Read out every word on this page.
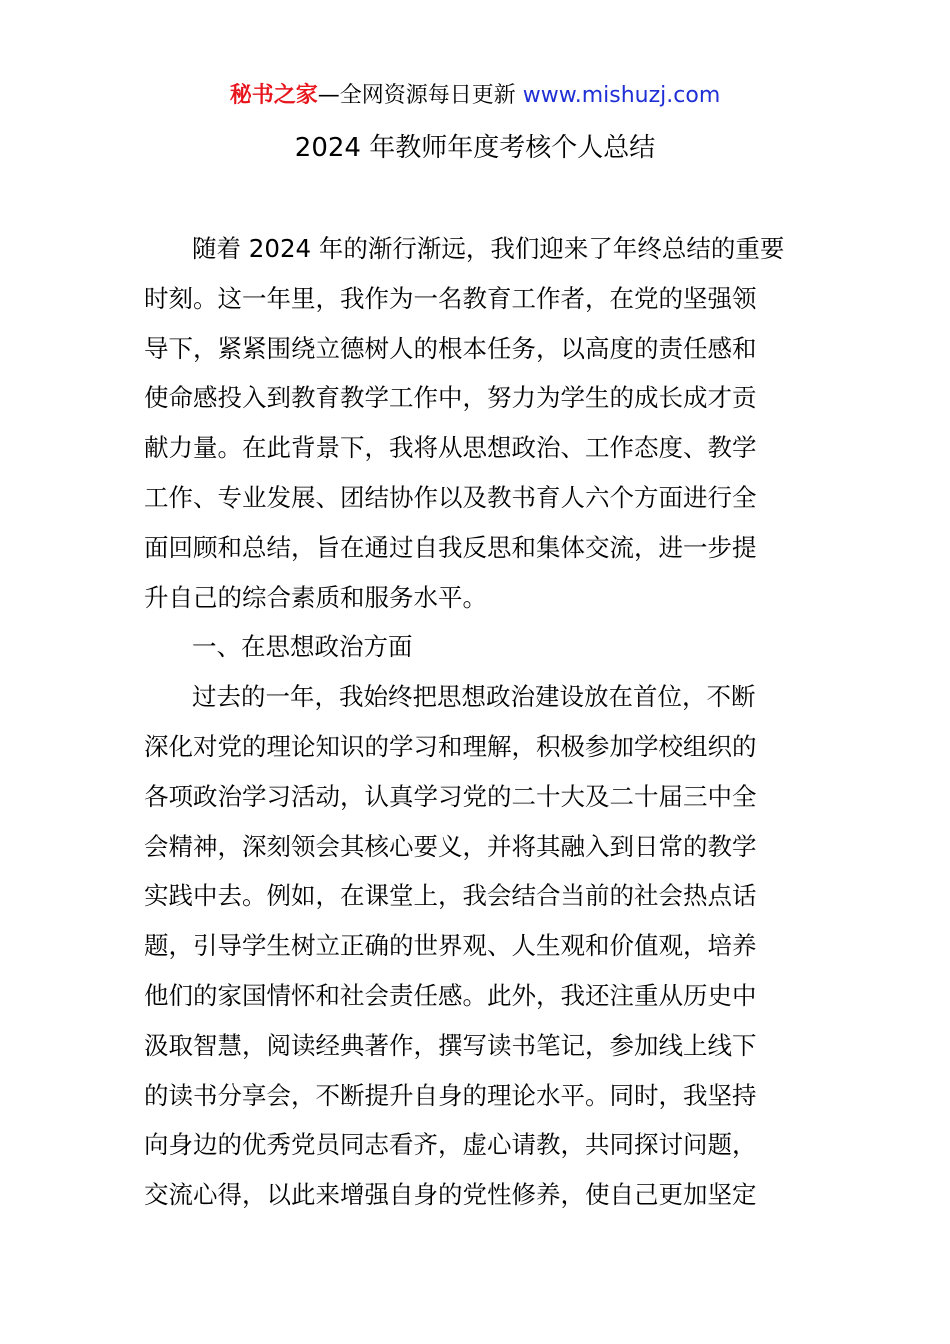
秘书之家—全网资源每日更新 www.mishuzj.com
2024 年教师年度考核个人总结
随着 2024 年的渐行渐远，我们迎来了年终总结的重要
时刻。这一年里，我作为一名教育工作者，在党的坚强领
导下，紧紧围绕立德树人的根本任务，以高度的责任感和
使命感投入到教育教学工作中，努力为学生的成长成才贡
献力量。在此背景下，我将从思想政治、工作态度、教学
工作、专业发展、团结协作以及教书育人六个方面进行全
面回顾和总结，旨在通过自我反思和集体交流，进一步提
升自己的综合素质和服务水平。
一、在思想政治方面
过去的一年，我始终把思想政治建设放在首位，不断
深化对党的理论知识的学习和理解，积极参加学校组织的
各项政治学习活动，认真学习党的二十大及二十届三中全
会精神，深刻领会其核心要义，并将其融入到日常的教学
实践中去。例如，在课堂上，我会结合当前的社会热点话
题，引导学生树立正确的世界观、人生观和价值观，培养
他们的家国情怀和社会责任感。此外，我还注重从历史中
汲取智慧，阅读经典著作，撰写读书笔记，参加线上线下
的读书分享会，不断提升自身的理论水平。同时，我坚持
向身边的优秀党员同志看齐，虚心请教，共同探讨问题，
交流心得，以此来增强自身的党性修养，使自己更加坚定
